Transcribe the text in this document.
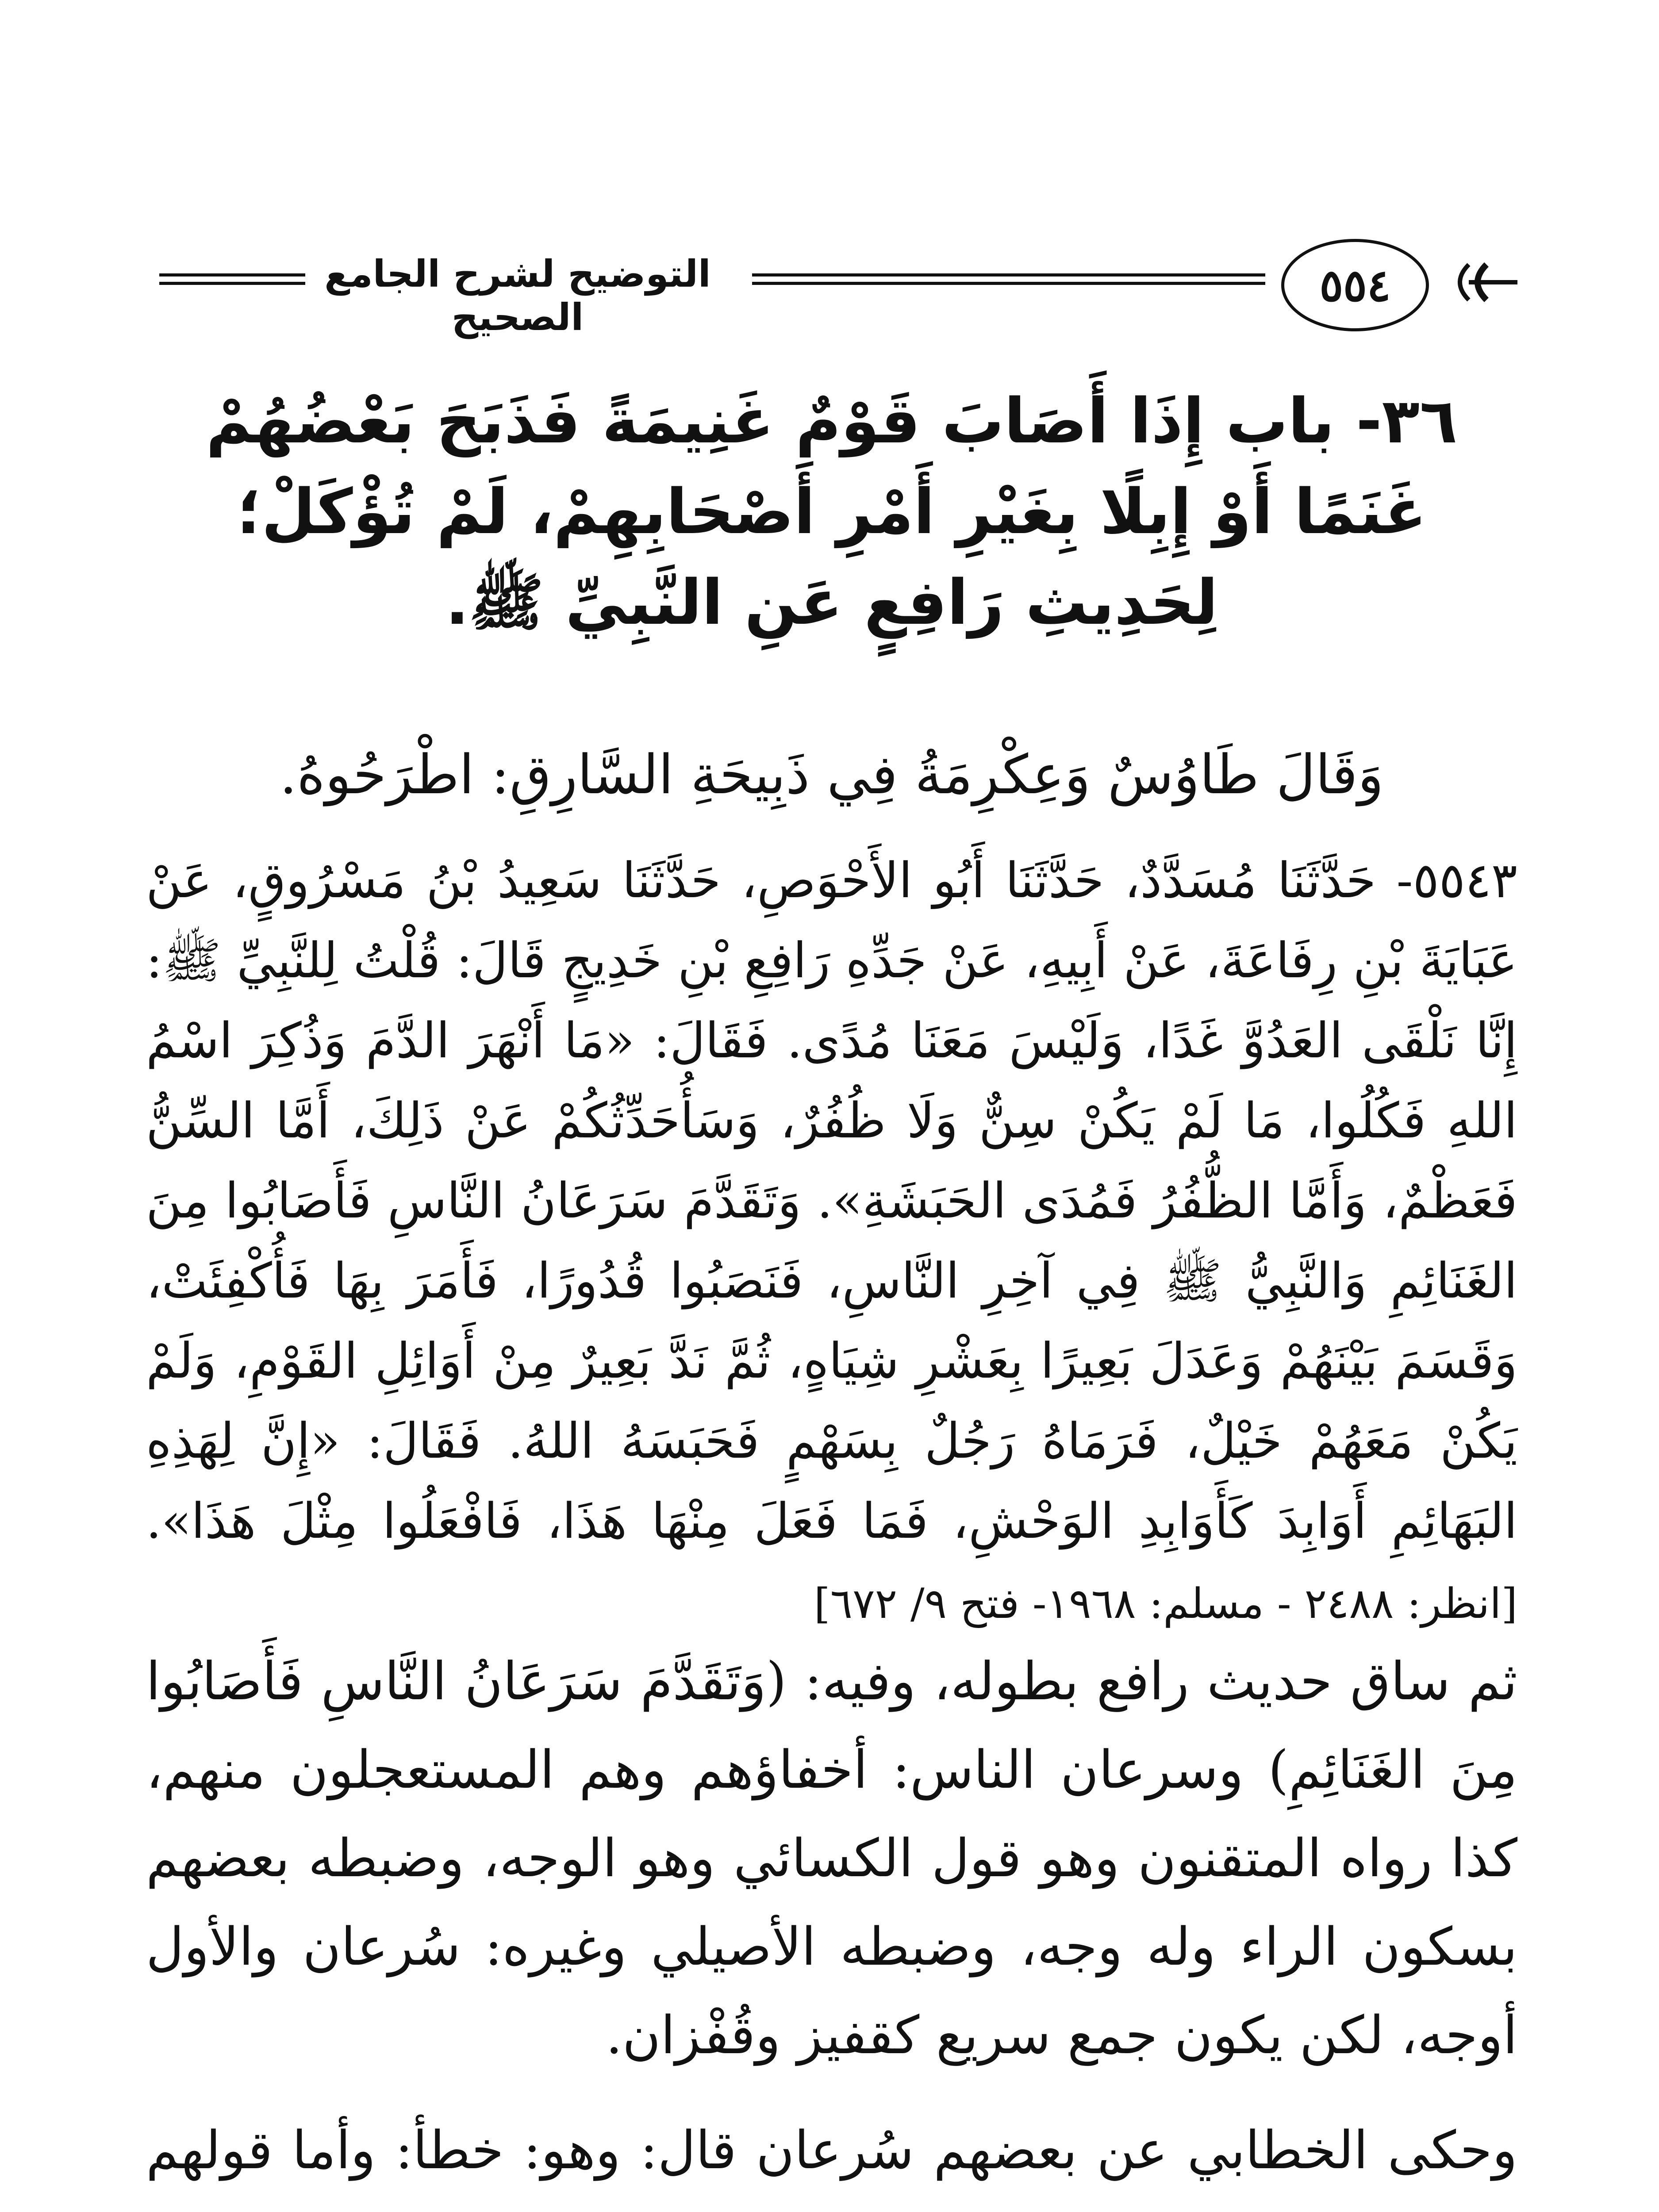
٥٥٤
التوضيح لشرح الجامع الصحيح
٣٦- باب إِذَا أَصَابَ قَوْمٌ غَنِيمَةً فَذَبَحَ بَعْضُهُمْ
غَنَمًا أَوْ إِبِلًا بِغَيْرِ أَمْرِ أَصْحَابِهِمْ، لَمْ تُؤْكَلْ؛
لِحَدِيثِ رَافِعٍ عَنِ النَّبِيِّ ﷺ.
وَقَالَ طَاوُسٌ وَعِكْرِمَةُ فِي ذَبِيحَةِ السَّارِقِ: اطْرَحُوهُ.
٥٥٤٣- حَدَّثَنَا مُسَدَّدٌ، حَدَّثَنَا أَبُو الأَحْوَصِ، حَدَّثَنَا سَعِيدُ بْنُ مَسْرُوقٍ، عَنْ عَبَايَةَ بْنِ رِفَاعَةَ، عَنْ أَبِيهِ، عَنْ جَدِّهِ رَافِعِ بْنِ خَدِيجٍ قَالَ: قُلْتُ لِلنَّبِيِّ ﷺ: إِنَّا نَلْقَى العَدُوَّ غَدًا، وَلَيْسَ مَعَنَا مُدًى. فَقَالَ: «مَا أَنْهَرَ الدَّمَ وَذُكِرَ اسْمُ اللهِ فَكُلُوا، مَا لَمْ يَكُنْ سِنٌّ وَلَا ظُفُرٌ، وَسَأُحَدِّثُكُمْ عَنْ ذَلِكَ، أَمَّا السِّنُّ فَعَظْمٌ، وَأَمَّا الظُّفُرُ فَمُدَى الحَبَشَةِ». وَتَقَدَّمَ سَرَعَانُ النَّاسِ فَأَصَابُوا مِنَ الغَنَائِمِ وَالنَّبِيُّ ﷺ فِي آخِرِ النَّاسِ، فَنَصَبُوا قُدُورًا، فَأَمَرَ بِهَا فَأُكْفِئَتْ، وَقَسَمَ بَيْنَهُمْ وَعَدَلَ بَعِيرًا بِعَشْرِ شِيَاهٍ، ثُمَّ نَدَّ بَعِيرٌ مِنْ أَوَائِلِ القَوْمِ، وَلَمْ يَكُنْ مَعَهُمْ خَيْلٌ، فَرَمَاهُ رَجُلٌ بِسَهْمٍ فَحَبَسَهُ اللهُ. فَقَالَ: «إِنَّ لِهَذِهِ البَهَائِمِ أَوَابِدَ كَأَوَابِدِ الوَحْشِ، فَمَا فَعَلَ مِنْهَا هَذَا، فَافْعَلُوا مِثْلَ هَذَا». [انظر: ٢٤٨٨ - مسلم: ١٩٦٨- فتح ٩/ ٦٧٢]
ثم ساق حديث رافع بطوله، وفيه: (وَتَقَدَّمَ سَرَعَانُ النَّاسِ فَأَصَابُوا مِنَ الغَنَائِمِ) وسرعان الناس: أخفاؤهم وهم المستعجلون منهم، كذا رواه المتقنون وهو قول الكسائي وهو الوجه، وضبطه بعضهم بسكون الراء وله وجه، وضبطه الأصيلي وغيره: سُرعان والأول أوجه، لكن يكون جمع سريع كقفيز وقُفْزان.
وحكى الخطابي عن بعضهم سُرعان قال: وهو: خطأ: وأما قولهم
